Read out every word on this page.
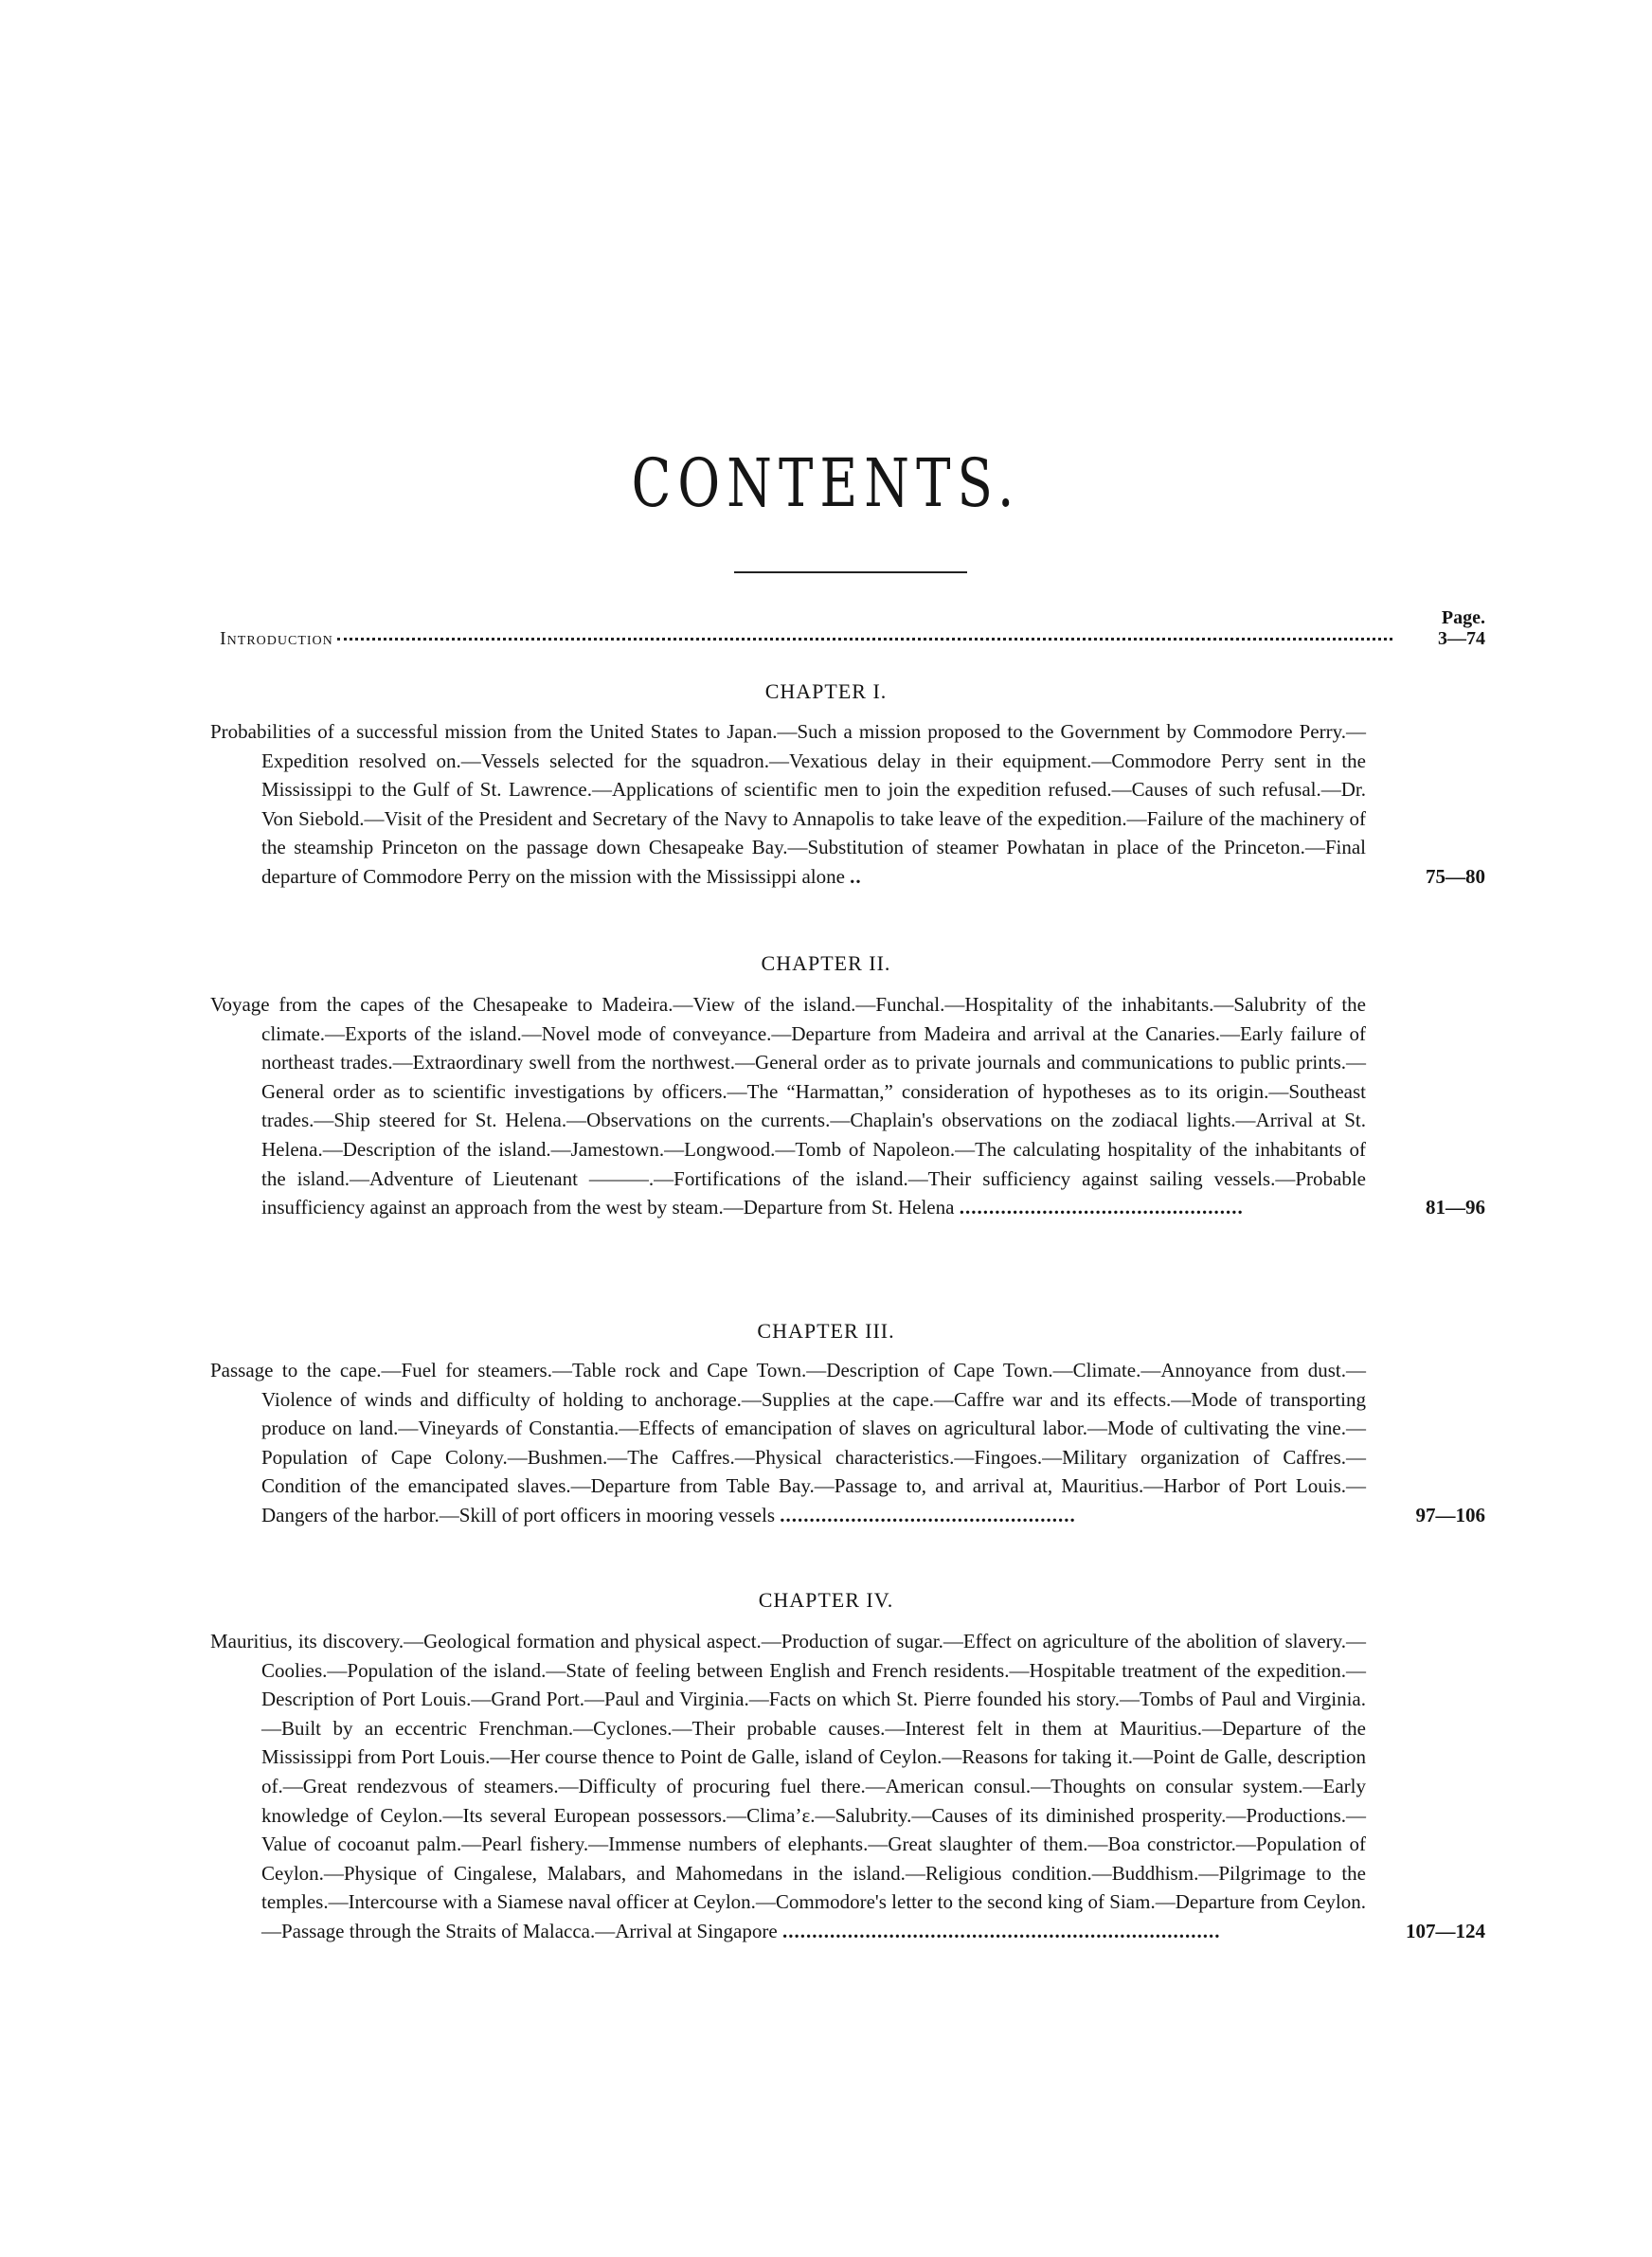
CONTENTS.
Page.
Introduction	3—74
CHAPTER I.
Probabilities of a successful mission from the United States to Japan.—Such a mission proposed to the Government by Commodore Perry.—Expedition resolved on.—Vessels selected for the squadron.—Vexatious delay in their equipment.—Commodore Perry sent in the Mississippi to the Gulf of St. Lawrence.—Applications of scientific men to join the expedition refused.—Causes of such refusal.—Dr. Von Siebold.—Visit of the President and Secretary of the Navy to Annapolis to take leave of the expedition.—Failure of the machinery of the steamship Princeton on the passage down Chesapeake Bay.—Substitution of steamer Powhatan in place of the Princeton.—Final departure of Commodore Perry on the mission with the Mississippi alone ..	75—80
CHAPTER II.
Voyage from the capes of the Chesapeake to Madeira.—View of the island.—Funchal.—Hospitality of the inhabitants.—Salubrity of the climate.—Exports of the island.—Novel mode of conveyance.—Departure from Madeira and arrival at the Canaries.—Early failure of northeast trades.—Extraordinary swell from the northwest.—General order as to private journals and communications to public prints.—General order as to scientific investigations by officers.—The “Harmattan,” consideration of hypotheses as to its origin.—Southeast trades.—Ship steered for St. Helena.—Observations on the currents.—Chaplain's observations on the zodiacal lights.—Arrival at St. Helena.—Description of the island.—Jamestown.—Longwood.—Tomb of Napoleon.—The calculating hospitality of the inhabitants of the island.—Adventure of Lieutenant ———.—Fortifications of the island.—Their sufficiency against sailing vessels.—Probable insufficiency against an approach from the west by steam.—Departure from St. Helena ................................................	81—96
CHAPTER III.
Passage to the cape.—Fuel for steamers.—Table rock and Cape Town.—Description of Cape Town.—Climate.—Annoyance from dust.—Violence of winds and difficulty of holding to anchorage.—Supplies at the cape.—Caffre war and its effects.—Mode of transporting produce on land.—Vineyards of Constantia.—Effects of emancipation of slaves on agricultural labor.—Mode of cultivating the vine.—Population of Cape Colony.—Bushmen.—The Caffres.—Physical characteristics.—Fingoes.—Military organization of Caffres.—Condition of the emancipated slaves.—Departure from Table Bay.—Passage to, and arrival at, Mauritius.—Harbor of Port Louis.—Dangers of the harbor.—Skill of port officers in mooring vessels ..................................................	97—106
CHAPTER IV.
Mauritius, its discovery.—Geological formation and physical aspect.—Production of sugar.—Effect on agriculture of the abolition of slavery.—Coolies.—Population of the island.—State of feeling between English and French residents.—Hospitable treatment of the expedition.—Description of Port Louis.—Grand Port.—Paul and Virginia.—Facts on which St. Pierre founded his story.—Tombs of Paul and Virginia.—Built by an eccentric Frenchman.—Cyclones.—Their probable causes.—Interest felt in them at Mauritius.—Departure of the Mississippi from Port Louis.—Her course thence to Point de Galle, island of Ceylon.—Reasons for taking it.—Point de Galle, description of.—Great rendezvous of steamers.—Difficulty of procuring fuel there.—American consul.—Thoughts on consular system.—Early knowledge of Ceylon.—Its several European possessors.—Clima’ɛ.—Salubrity.—Causes of its diminished prosperity.—Productions.—Value of cocoanut palm.—Pearl fishery.—Immense numbers of elephants.—Great slaughter of them.—Boa constrictor.—Population of Ceylon.—Physique of Cingalese, Malabars, and Mahomedans in the island.—Religious condition.—Buddhism.—Pilgrimage to the temples.—Intercourse with a Siamese naval officer at Ceylon.—Commodore's letter to the second king of Siam.—Departure from Ceylon.—Passage through the Straits of Malacca.—Arrival at Singapore ..........................................................................	107—124
